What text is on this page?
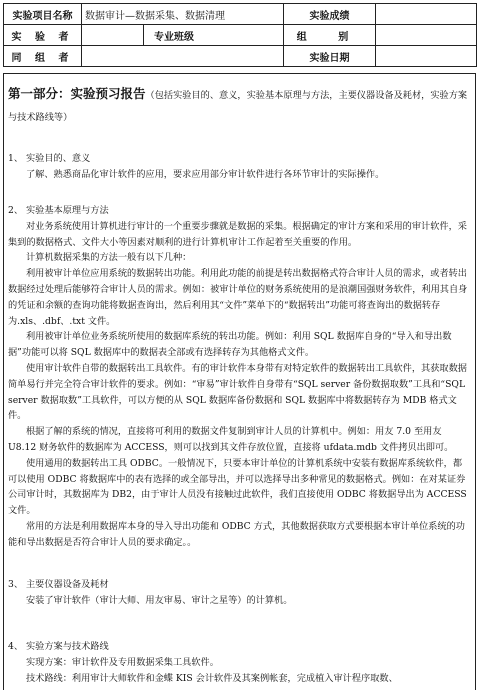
实验项目名称	数据审计—数据采集、数据清理		实验成绩	
实 验 者		专业班级	组 别	
同 组 者			实验日期	
第一部分：实验预习报告（包括实验目的、意义，实验基本原理与方法，主要仪器设备及耗材，实验方案与技术路线等）

1、 实验目的、意义

了解、熟悉商品化审计软件的应用，要求应用部分审计软件进行各环节审计的实际操作。

2、 实验基本原理与方法

对业务系统使用计算机进行审计的一个重要步骤就是数据的采集。根据确定的审计方案和采用的审计软件，采集到的数据格式、文件大小等因素对顺利的进行计算机审计工作起着至关重要的作用。

计算机数据采集的方法一般有以下几种：

利用被审计单位应用系统的数据转出功能。利用此功能的前提是转出数据格式符合审计人员的需求，或者转出数据经过处理后能够符合审计人员的需求。例如：被审计单位的财务系统使用的是浪潮国强财务软件，利用其自身的凭证和余额的查询功能将数据查询出，然后利用其“文件”菜单下的“数据转出”功能可将查询出的数据转存为.xls、.dbf、.txt 文件。

利用被审计单位业务系统所使用的数据库系统的转出功能。例如：利用 SQL 数据库自身的“导入和导出数据”功能可以将 SQL 数据库中的数据表全部或有选择转存为其他格式文件。

使用审计软件自带的数据转出工具软件。有的审计软件本身带有对特定软件的数据转出工具软件，其获取数据简单易行并完全符合审计软件的要求。例如：“审易”审计软件自身带有“SQL server 备份数据取数”工具和“SQL server 数据取数”工具软件，可以方便的从 SQL 数据库备份数据和 SQL 数据库中将数据转存为 MDB 格式文件。

根据了解的系统的情况，直接将可利用的数据文件复制到审计人员的计算机中。例如：用友 7.0 至用友 U8.12 财务软件的数据库为 ACCESS，则可以找到其文件存放位置，直接将 ufdata.mdb 文件拷贝出即可。

使用通用的数据转出工具 ODBC。一般情况下，只要本审计单位的计算机系统中安装有数据库系统软件，都可以使用 ODBC 将数据库中的表有选择的或全部导出，并可以选择导出多种常见的数据格式。例如：在对某证券公司审计时，其数据库为 DB2，由于审计人员没有接触过此软件，我们直接使用 ODBC 将数据导出为 ACCESS 文件。

常用的方法是利用数据库本身的导入导出功能和 ODBC 方式，其他数据获取方式要根据本审计单位系统的功能和导出数据是否符合审计人员的要求确定。。

3、 主要仪器设备及耗材

安装了审计软件（审计大师、用友审易、审计之星等）的计算机。

4、 实验方案与技术路线

实现方案：审计软件及专用数据采集工具软件。

技术路线：利用审计大师软件和金蝶 KIS 会计软件及其案例帐套，完成植入审计程序取数、
